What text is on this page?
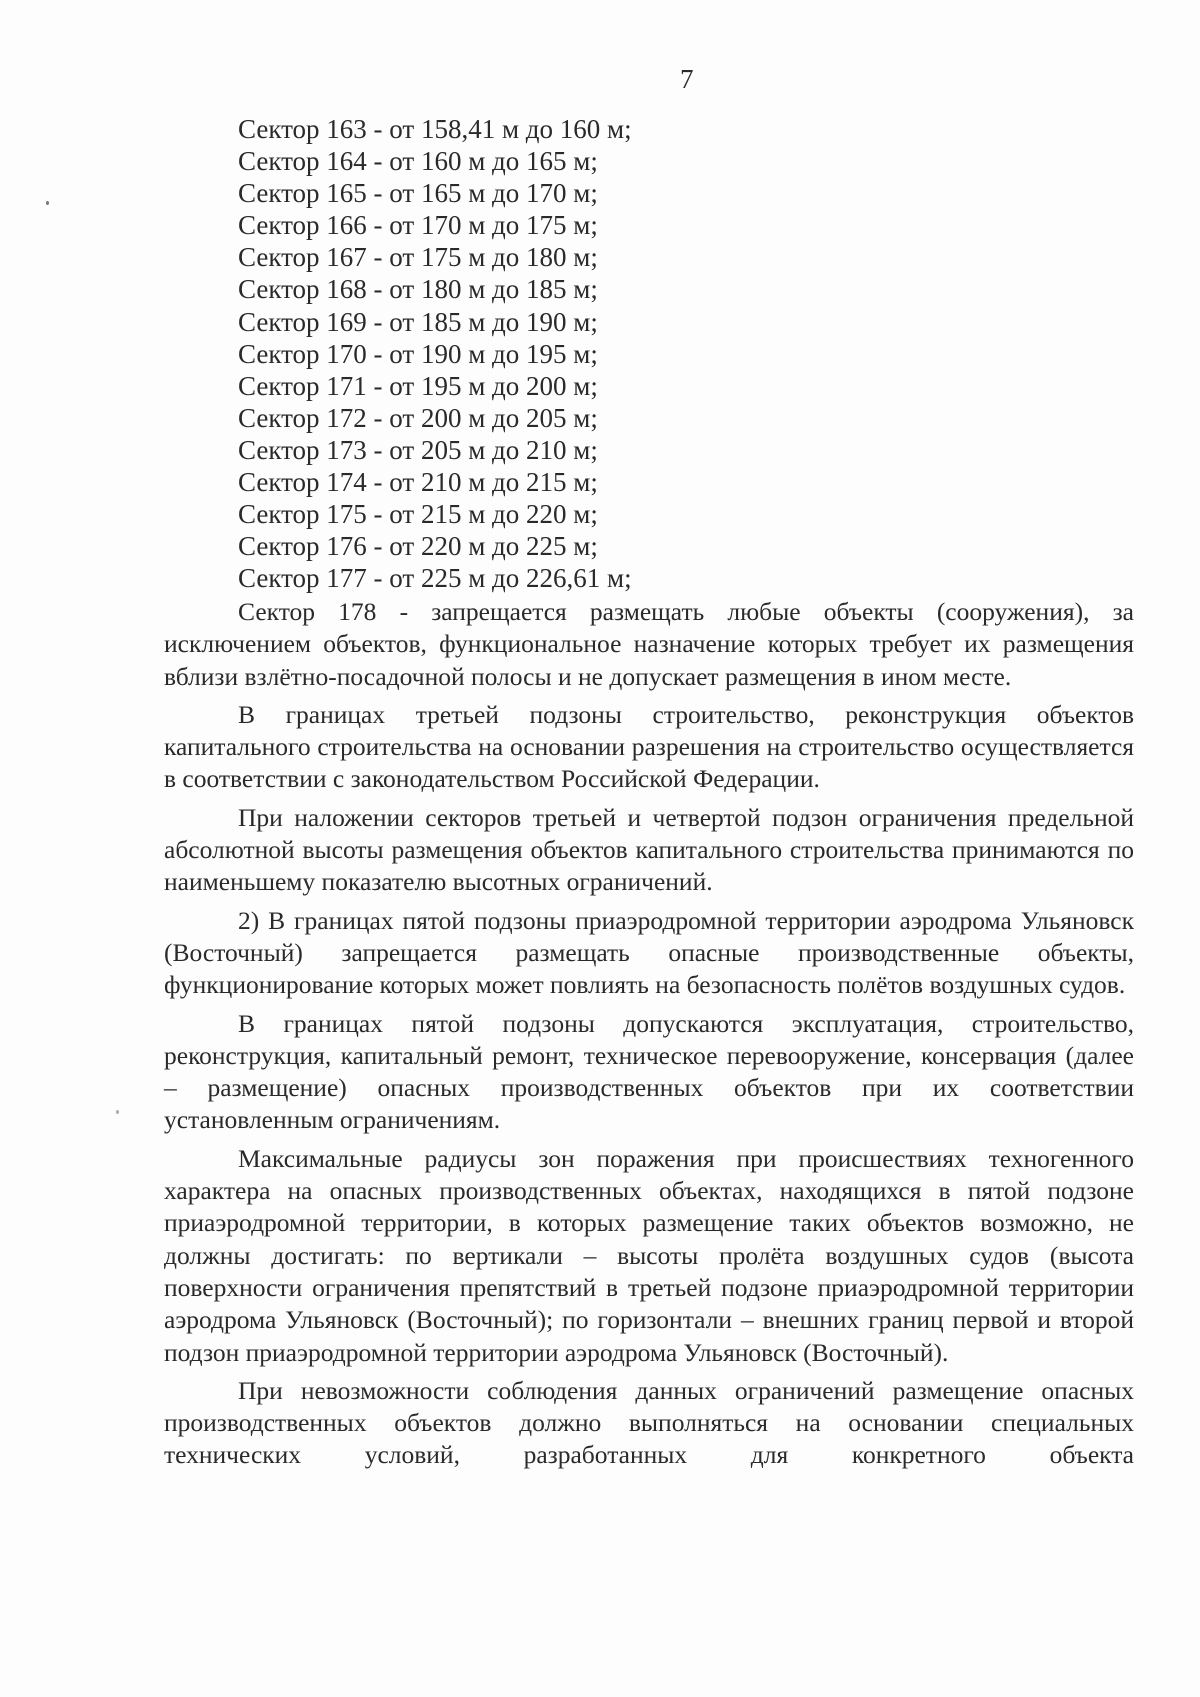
7
Сектор 163 - от 158,41 м до 160 м;
Сектор 164 - от 160 м до 165 м;
Сектор 165 - от 165 м до 170 м;
Сектор 166 - от 170 м до 175 м;
Сектор 167 - от 175 м до 180 м;
Сектор 168 - от 180 м до 185 м;
Сектор 169 - от 185 м до 190 м;
Сектор 170 - от 190 м до 195 м;
Сектор 171 - от 195 м до 200 м;
Сектор 172 - от 200 м до 205 м;
Сектор 173 - от 205 м до 210 м;
Сектор 174 - от 210 м до 215 м;
Сектор 175 - от 215 м до 220 м;
Сектор 176 - от 220 м до 225 м;
Сектор 177 - от 225 м до 226,61 м;

Сектор 178 - запрещается размещать любые объекты (сооружения), за исключением объектов, функциональное назначение которых требует их размещения вблизи взлётно-посадочной полосы и не допускает размещения в ином месте.

В границах третьей подзоны строительство, реконструкция объектов капитального строительства на основании разрешения на строительство осуществляется в соответствии с законодательством Российской Федерации.

При наложении секторов третьей и четвертой подзон ограничения предельной абсолютной высоты размещения объектов капитального строительства принимаются по наименьшему показателю высотных ограничений.

2) В границах пятой подзоны приаэродромной территории аэродрома Ульяновск (Восточный) запрещается размещать опасные производственные объекты, функционирование которых может повлиять на безопасность полётов воздушных судов.

В границах пятой подзоны допускаются эксплуатация, строительство, реконструкция, капитальный ремонт, техническое перевооружение, консервация (далее – размещение) опасных производственных объектов при их соответствии установленным ограничениям.

Максимальные радиусы зон поражения при происшествиях техногенного характера на опасных производственных объектах, находящихся в пятой подзоне приаэродромной территории, в которых размещение таких объектов возможно, не должны достигать: по вертикали – высоты пролёта воздушных судов (высота поверхности ограничения препятствий в третьей подзоне приаэродромной территории аэродрома Ульяновск (Восточный); по горизонтали – внешних границ первой и второй подзон приаэродромной территории аэродрома Ульяновск (Восточный).

При невозможности соблюдения данных ограничений размещение опасных производственных объектов должно выполняться на основании специальных технических условий, разработанных для конкретного объекта
